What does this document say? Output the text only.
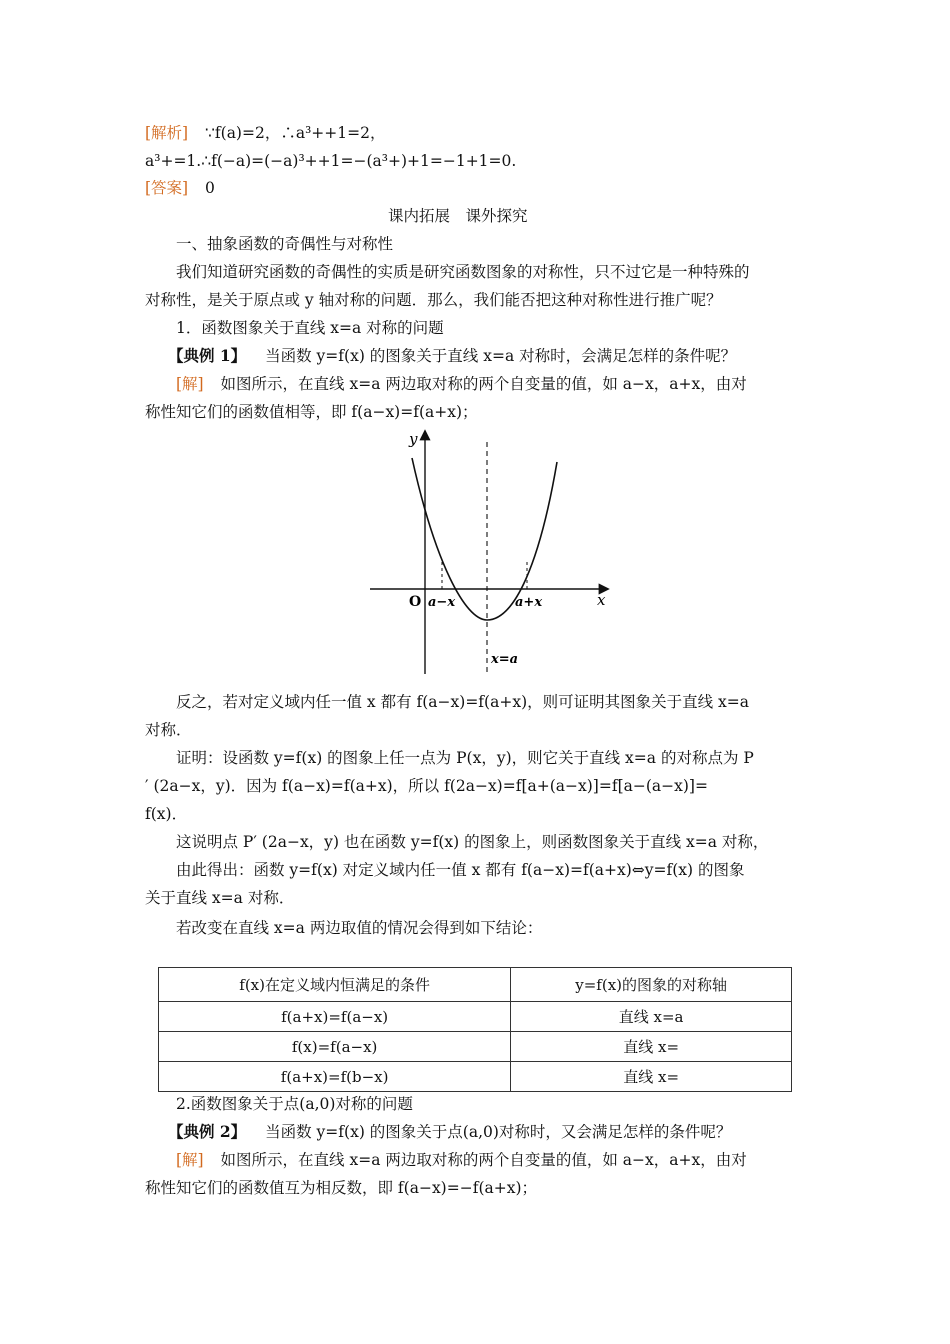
[解析] ∵f(a)=2，∴a³++1=2，
a³+=1.∴f(−a)=(−a)³++1=−(a³+)+1=−1+1=0.
[答案] 0
课内拓展　课外探究
一、抽象函数的奇偶性与对称性
我们知道研究函数的奇偶性的实质是研究函数图象的对称性，只不过它是一种特殊的
对称性，是关于原点或 y 轴对称的问题．那么，我们能否把这种对称性进行推广呢？
1．函数图象关于直线 x=a 对称的问题
【典例 1】 当函数 y=f(x) 的图象关于直线 x=a 对称时，会满足怎样的条件呢？
[解] 如图所示，在直线 x=a 两边取对称的两个自变量的值，如 a−x，a+x，由对
称性知它们的函数值相等，即 f(a−x)=f(a+x)；
y
x
O a−x	a+x
x=a
反之，若对定义域内任一值 x 都有 f(a−x)=f(a+x)，则可证明其图象关于直线 x=a
对称．
证明：设函数 y=f(x) 的图象上任一点为 P(x，y)，则它关于直线 x=a 的对称点为 P
′ (2a−x，y)．因为 f(a−x)=f(a+x)，所以 f(2a−x)=f[a+(a−x)]=f[a−(a−x)]=
f(x)．
这说明点 P′ (2a−x，y) 也在函数 y=f(x) 的图象上，则函数图象关于直线 x=a 对称，
由此得出：函数 y=f(x) 对定义域内任一值 x 都有 f(a−x)=f(a+x)⇔y=f(x) 的图象
关于直线 x=a 对称．
若改变在直线 x=a 两边取值的情况会得到如下结论：
f(x)在定义域内恒满足的条件	y=f(x)的图象的对称轴
f(a+x)=f(a−x)	直线 x=a
f(x)=f(a−x)	直线 x=
f(a+x)=f(b−x)	直线 x=
2.函数图象关于点(a,0)对称的问题
【典例 2】 当函数 y=f(x) 的图象关于点(a,0)对称时，又会满足怎样的条件呢？
[解] 如图所示，在直线 x=a 两边取对称的两个自变量的值，如 a−x，a+x，由对
称性知它们的函数值互为相反数，即 f(a−x)=−f(a+x)；
